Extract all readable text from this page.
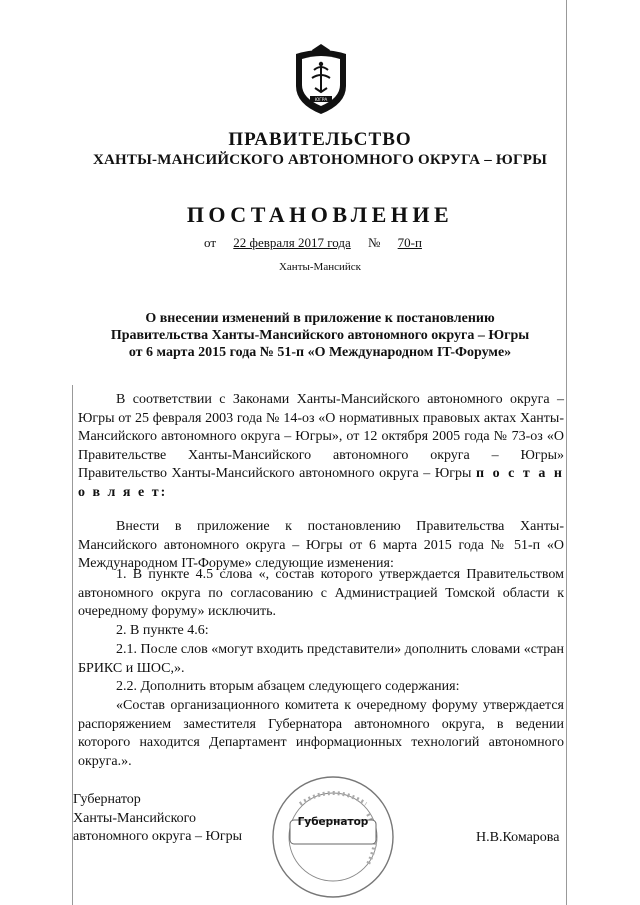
ЮГРА
ПРАВИТЕЛЬСТВО
ХАНТЫ-МАНСИЙСКОГО АВТОНОМНОГО ОКРУГА – ЮГРЫ
ПОСТАНОВЛЕНИЕ
от 22 февраля 2017 года № 70-п
Ханты-Мансийск
О внесении изменений в приложение к постановлению
Правительства Ханты-Мансийского автономного округа – Югры
от 6 марта 2015 года № 51-п «О Международном IT-Форуме»
В соответствии с Законами Ханты-Мансийского автономного округа – Югры от 25 февраля 2003 года № 14-оз «О нормативных правовых актах Ханты-Мансийского автономного округа – Югры», от 12 октября 2005 года № 73-оз «О Правительстве Ханты-Мансийского автономного округа – Югры» Правительство Ханты-Мансийского автономного округа – Югры п о с т а н о в л я е т:
Внести в приложение к постановлению Правительства Ханты-Мансийского автономного округа – Югры от 6 марта 2015 года № 51-п «О Международном IT-Форуме» следующие изменения:
1. В пункте 4.5 слова «, состав которого утверждается Правительством автономного округа по согласованию с Администрацией Томской области к очередному форуму» исключить.
2. В пункте 4.6:
2.1. После слов «могут входить представители» дополнить словами «стран БРИКС и ШОС,».
2.2. Дополнить вторым абзацем следующего содержания:
«Состав организационного комитета к очередному форуму утверждается распоряжением заместителя Губернатора автономного округа, в ведении которого находится Департамент информационных технологий автономного округа.».
Губернатор
Ханты-Мансийского
автономного округа – Югры
Губернатор
Н.В.Комарова
